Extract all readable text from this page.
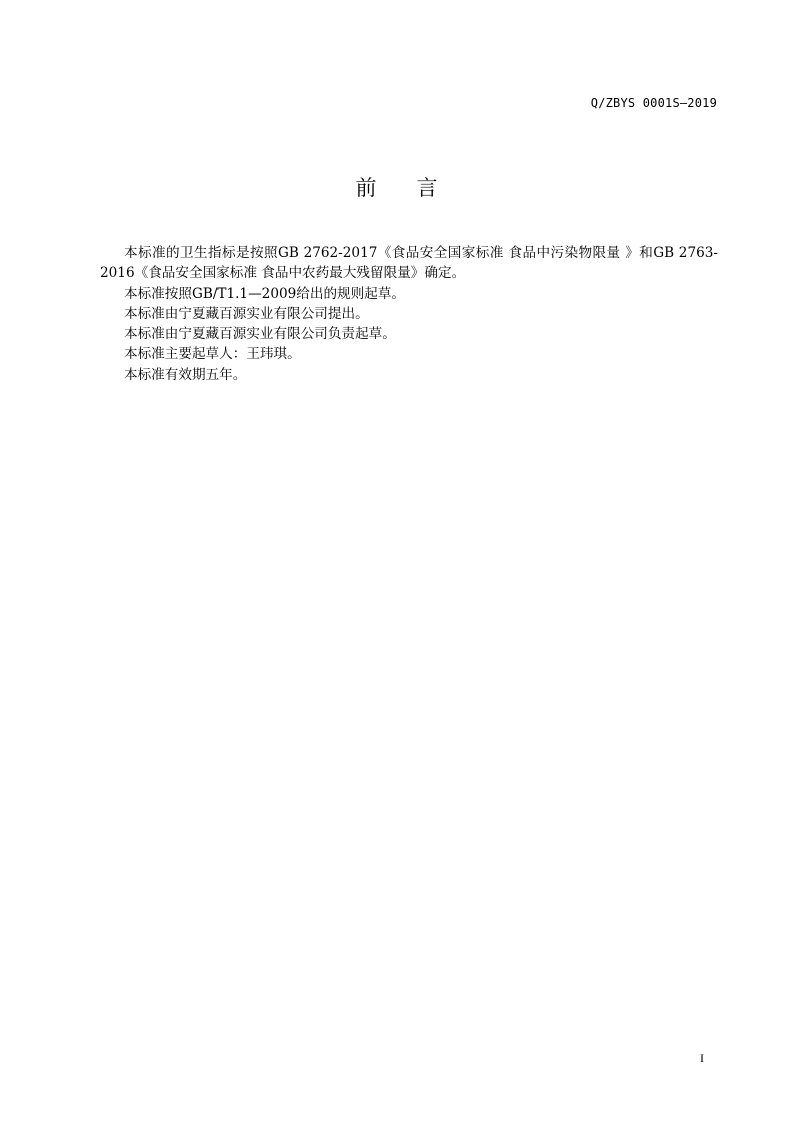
Q/ZBYS 0001S—2019
前言

本标准的卫生指标是按照GB 2762-2017《食品安全国家标准 食品中污染物限量 》和GB 2763-2016《食品安全国家标准 食品中农药最大残留限量》确定。

本标准按照GB/T1.1—2009给出的规则起草。

本标准由宁夏藏百源实业有限公司提出。

本标准由宁夏藏百源实业有限公司负责起草。

本标准主要起草人：王玮琪。

本标准有效期五年。

I
